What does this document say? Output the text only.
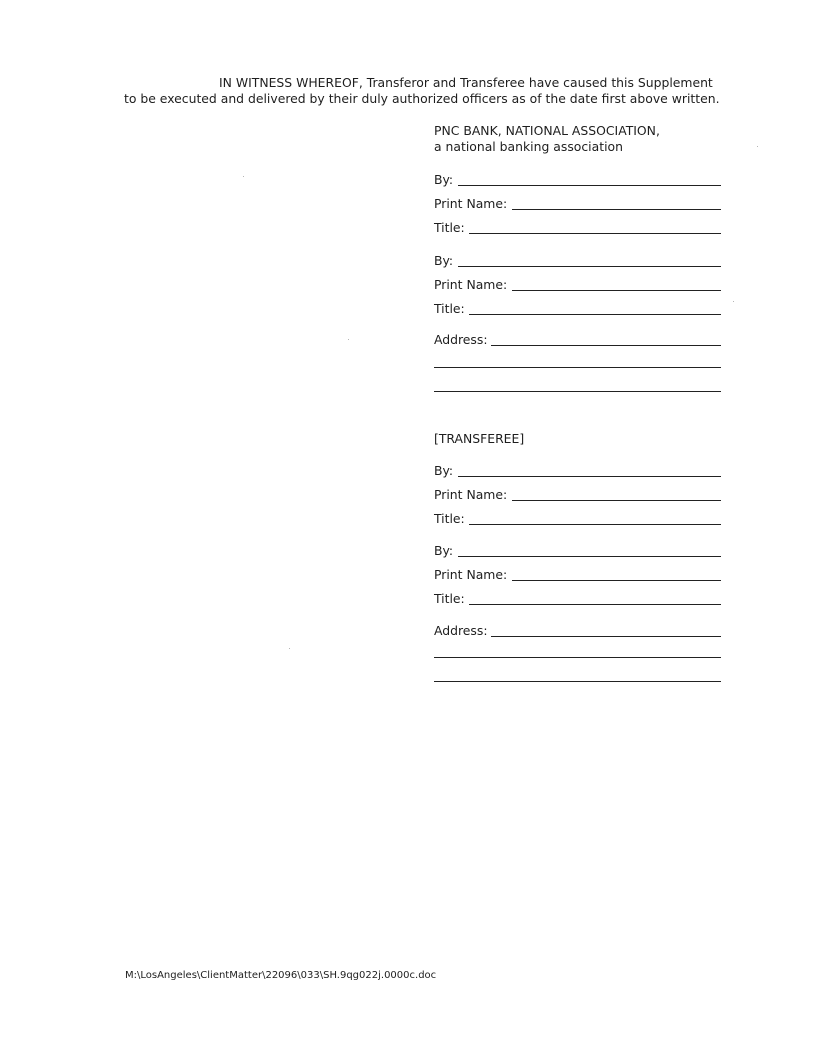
IN WITNESS WHEREOF, Transferor and Transferee have caused this Supplement
to be executed and delivered by their duly authorized officers as of the date first above written.
PNC BANK, NATIONAL ASSOCIATION,
a national banking association
By:
Print Name:
Title:
By:
Print Name:
Title:
Address:
[TRANSFEREE]
By:
Print Name:
Title:
By:
Print Name:
Title:
Address:
M:\LosAngeles\ClientMatter\22096\033\SH.9qg022j.0000c.doc
